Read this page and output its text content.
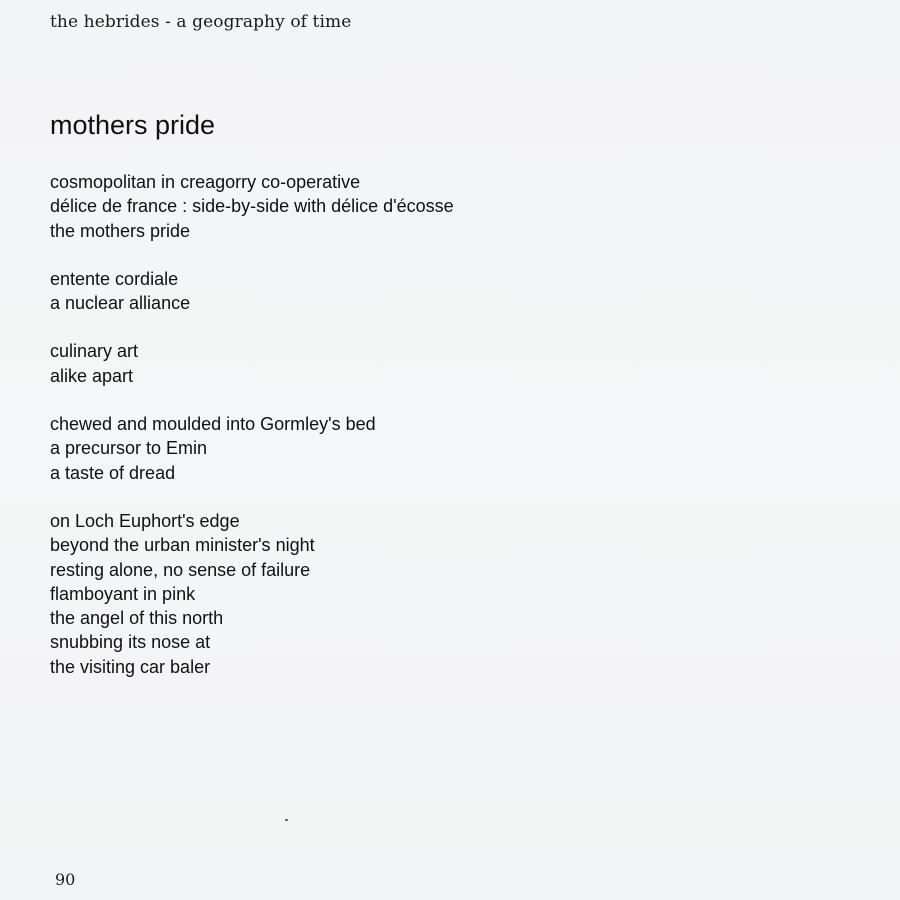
the hebrides - a geography of time
mothers pride
cosmopolitan in creagorry co-operative
délice de france : side-by-side with délice d'écosse
the mothers pride
entente cordiale
a nuclear alliance
culinary art
alike apart
chewed and moulded into Gormley's bed
a precursor to Emin
a taste of dread
on Loch Euphort's edge
beyond the urban minister's night
resting alone, no sense of failure
flamboyant in pink
the angel of this north
snubbing its nose at
the visiting car baler
90
